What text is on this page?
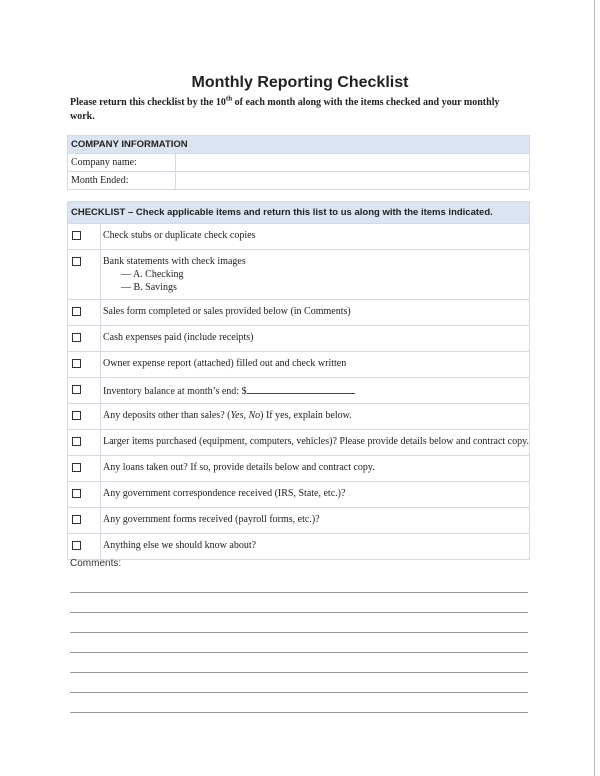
Monthly Reporting Checklist
Please return this checklist by the 10th of each month along with the items checked and your monthly work.
COMPANY INFORMATION	
Company name:	
Month Ended:	
CHECKLIST – Check applicable items and return this list to us along with the items indicated.	
	Check stubs or duplicate check copies

	Bank statements with check images
— A. Checking
— B. Savings

	Sales form completed or sales provided below (in Comments)
	Cash expenses paid (include receipts)
	Owner expense report (attached) filled out and check written
	Inventory balance at month’s end: $
	Any deposits other than sales? (Yes, No) If yes, explain below.
	Larger items purchased (equipment, computers, vehicles)? Please provide details below and contract copy.
	Any loans taken out? If so, provide details below and contract copy.
	Any government correspondence received (IRS, State, etc.)?
	Any government forms received (payroll forms, etc.)?
	Anything else we should know about?
Comments:
